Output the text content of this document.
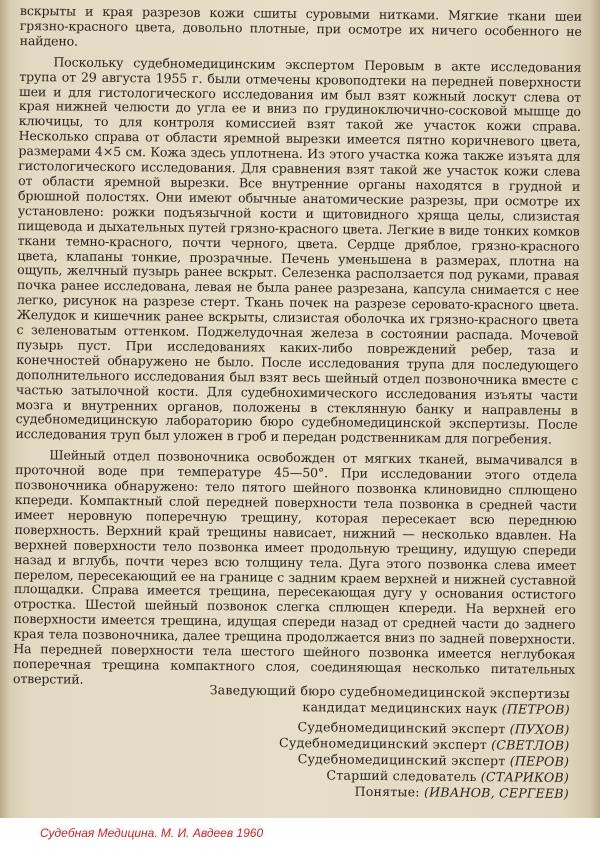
вскрыты и края разрезов кожи сшиты суровыми нитками. Мягкие ткани шеи грязно-красного цвета, довольно плотные, при осмотре их ничего особенного не найдено.

Поскольку судебномедицинским экспертом Перовым в акте исследования трупа от 29 августа 1955 г. были отмечены кровоподтеки на передней поверхности шеи и для гистологического исследования им был взят кожный лоскут слева от края нижней челюсти до угла ее и вниз по грудиноключично-сосковой мышце до ключицы, то для контроля комиссией взят такой же участок кожи справа. Несколько справа от области яремной вырезки имеется пятно коричневого цвета, размерами 4×5 см. Кожа здесь уплотнена. Из этого участка кожа также изъята для гистологического исследования. Для сравнения взят такой же участок кожи слева от области яремной вырезки. Все внутренние органы находятся в грудной и брюшной полостях. Они имеют обычные анатомические разрезы, при осмотре их установлено: рожки подъязычной кости и щитовидного хряща целы, слизистая пищевода и дыхательных путей грязно-красного цвета. Легкие в виде тонких комков ткани темно-красного, почти черного, цвета. Сердце дряблое, грязно-красного цвета, клапаны тонкие, прозрачные. Печень уменьшена в размерах, плотна на ощупь, желчный пузырь ранее вскрыт. Селезенка расползается под руками, правая почка ранее исследована, левая не была ранее разрезана, капсула снимается с нее легко, рисунок на разрезе стерт. Ткань почек на разрезе серовато-красного цвета. Желудок и кишечник ранее вскрыты, слизистая оболочка их грязно-красного цвета с зеленоватым оттенком. Поджелудочная железа в состоянии распада. Мочевой пузырь пуст. При исследованиях каких-либо повреждений ребер, таза и конечностей обнаружено не было. После исследования трупа для последующего дополнительного исследования был взят весь шейный отдел позвоночника вместе с частью затылочной кости. Для судебнохимического исследования изъяты части мозга и внутренних органов, положены в стеклянную банку и направлены в судебномедицинскую лабораторию бюро судебномедицинской экспертизы. После исследования труп был уложен в гроб и передан родственникам для погребения.

Шейный отдел позвоночника освобожден от мягких тканей, вымачивался в проточной воде при температуре 45—50°. При исследовании этого отдела позвоночника обнаружено: тело пятого шейного позвонка клиновидно сплющено кпереди. Компактный слой передней поверхности тела позвонка в средней части имеет неровную поперечную трещину, которая пересекает всю переднюю поверхность. Верхний край трещины нависает, нижний — несколько вдавлен. На верхней поверхности тело позвонка имеет продольную трещину, идущую спереди назад и вглубь, почти через всю толщину тела. Дуга этого позвонка слева имеет перелом, пересекающий ее на границе с задним краем верхней и нижней суставной площадки. Справа имеется трещина, пересекающая дугу у основания остистого отростка. Шестой шейный позвонок слегка сплющен кпереди. На верхней его поверхности имеется трещина, идущая спереди назад от средней части до заднего края тела позвоночника, далее трещина продолжается вниз по задней поверхности. На передней поверхности тела шестого шейного позвонка имеется неглубокая поперечная трещина компактного слоя, соединяющая несколько питательных отверстий.

Заведующий бюро судебномедицинской экспертизы
кандидат медицинских наук (ПЕТРОВ)
Судебномедицинский эксперт (ПУХОВ)
Судебномедицинский эксперт (СВЕТЛОВ)
Судебномедицинский эксперт (ПЕРОВ)
Старший следователь (СТАРИКОВ)
Понятые: (ИВАНОВ, СЕРГЕЕВ)
Судебная Медицина. М. И. Авдеев 1960
